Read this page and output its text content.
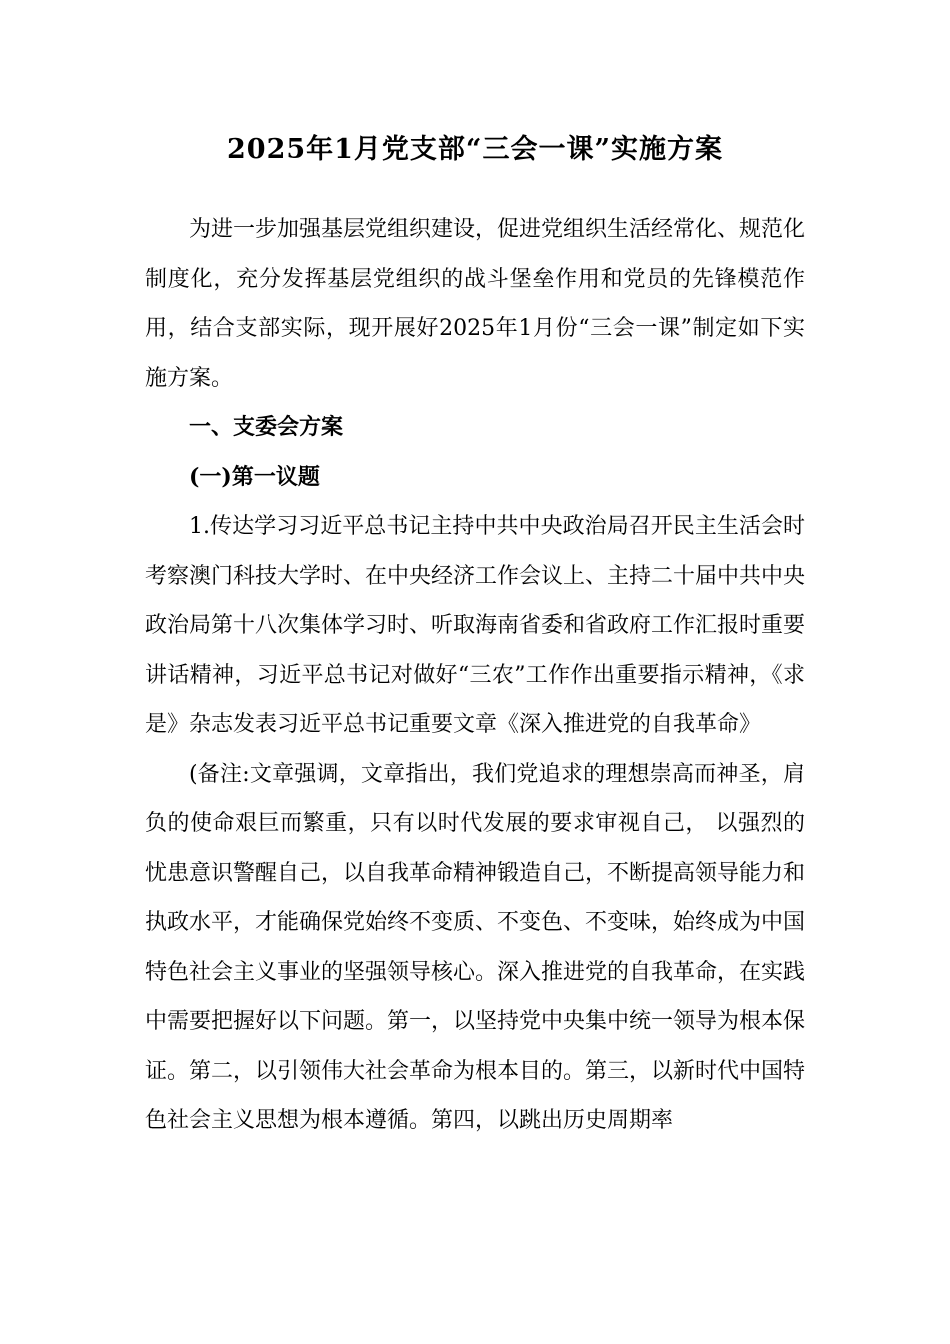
2025年1月党支部“三会一课”实施方案

为进一步加强基层党组织建设，促进党组织生活经常化、规范化制度化，充分发挥基层党组织的战斗堡垒作用和党员的先锋模范作用，结合支部实际，现开展好2025年1月份“三会一课”制定如下实施方案。

一、支委会方案

(一)第一议题

1.传达学习习近平总书记主持中共中央政治局召开民主生活会时考察澳门科技大学时、在中央经济工作会议上、主持二十届中共中央政治局第十八次集体学习时、听取海南省委和省政府工作汇报时重要讲话精神，习近平总书记对做好“三农”工作作出重要指示精神，《求是》杂志发表习近平总书记重要文章《深入推进党的自我革命》

(备注:文章强调，文章指出，我们党追求的理想崇高而神圣，肩负的使命艰巨而繁重，只有以时代发展的要求审视自己， 以强烈的忧患意识警醒自己，以自我革命精神锻造自己，不断提高领导能力和执政水平，才能确保党始终不变质、不变色、不变味，始终成为中国特色社会主义事业的坚强领导核心。深入推进党的自我革命，在实践中需要把握好以下问题。第一，以坚持党中央集中统一领导为根本保证。第二，以引领伟大社会革命为根本目的。第三，以新时代中国特色社会主义思想为根本遵循。第四，以跳出历史周期率
